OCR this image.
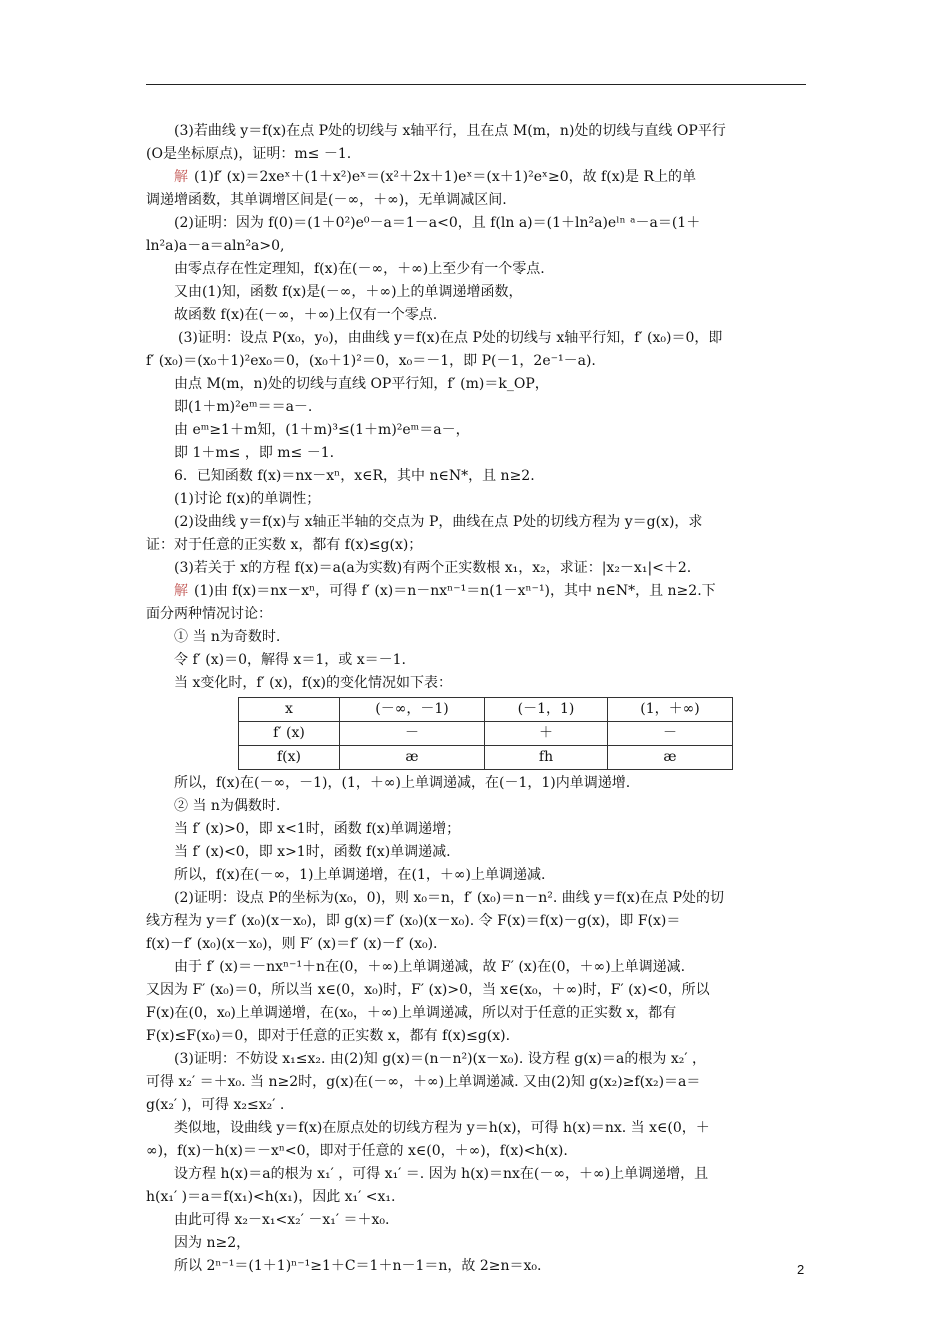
(3)若曲线 y＝f(x)在点 P处的切线与 x轴平行，且在点 M(m，n)处的切线与直线 OP平行
(O是坐标原点)，证明：m≤ －1.
解 (1)f′ (x)＝2xeˣ＋(1＋x²)eˣ＝(x²＋2x＋1)eˣ＝(x＋1)²eˣ≥0，故 f(x)是 R上的单
调递增函数，其单调增区间是(－∞，＋∞)，无单调减区间.
(2)证明：因为 f(0)＝(1＋0²)e⁰－a＝1－a<0，且 f(ln a)＝(1＋ln²a)eˡⁿ ᵃ－a＝(1＋
ln²a)a－a＝aln²a>0,
由零点存在性定理知，f(x)在(－∞，＋∞)上至少有一个零点.
又由(1)知，函数 f(x)是(－∞，＋∞)上的单调递增函数，
故函数 f(x)在(－∞，＋∞)上仅有一个零点.
(3)证明：设点 P(x₀，y₀)，由曲线 y＝f(x)在点 P处的切线与 x轴平行知，f′ (x₀)＝0，即
f′ (x₀)＝(x₀＋1)²ex₀＝0，(x₀＋1)²＝0，x₀＝－1，即 P(－1，2e⁻¹－a).
由点 M(m，n)处的切线与直线 OP平行知，f′ (m)＝k_OP，
即(1＋m)²eᵐ＝＝a－.
由 eᵐ≥1＋m知，(1＋m)³≤(1＋m)²eᵐ＝a－，
即 1＋m≤ ，即 m≤ －1.
6．已知函数 f(x)＝nx－xⁿ，x∈R，其中 n∈N*，且 n≥2.
(1)讨论 f(x)的单调性；
(2)设曲线 y＝f(x)与 x轴正半轴的交点为 P，曲线在点 P处的切线方程为 y＝g(x)，求
证：对于任意的正实数 x，都有 f(x)≤g(x)；
(3)若关于 x的方程 f(x)＝a(a为实数)有两个正实数根 x₁，x₂，求证：|x₂－x₁|<＋2.
解 (1)由 f(x)＝nx－xⁿ，可得 f′ (x)＝n－nxⁿ⁻¹＝n(1－xⁿ⁻¹)，其中 n∈N*，且 n≥2.下
面分两种情况讨论：
① 当 n为奇数时.
令 f′ (x)＝0，解得 x＝1，或 x＝－1.
当 x变化时，f′ (x)，f(x)的变化情况如下表：
x	(－∞，－1)	(－1，1)	(1，＋∞)
f′ (x)	－	＋	－
f(x)	æ	fh	æ
所以，f(x)在(－∞，－1)，(1，＋∞)上单调递减，在(－1，1)内单调递增.
② 当 n为偶数时.
当 f′ (x)>0，即 x<1时，函数 f(x)单调递增；
当 f′ (x)<0，即 x>1时，函数 f(x)单调递减.
所以，f(x)在(－∞，1)上单调递增，在(1，＋∞)上单调递减.
(2)证明：设点 P的坐标为(x₀，0)，则 x₀＝n，f′ (x₀)＝n－n². 曲线 y＝f(x)在点 P处的切
线方程为 y＝f′ (x₀)(x－x₀)，即 g(x)＝f′ (x₀)(x－x₀). 令 F(x)＝f(x)－g(x)，即 F(x)＝
f(x)－f′ (x₀)(x－x₀)，则 F′ (x)＝f′ (x)－f′ (x₀).
由于 f′ (x)＝－nxⁿ⁻¹＋n在(0，＋∞)上单调递减，故 F′ (x)在(0，＋∞)上单调递减.
又因为 F′ (x₀)＝0，所以当 x∈(0，x₀)时，F′ (x)>0，当 x∈(x₀，＋∞)时，F′ (x)<0，所以
F(x)在(0，x₀)上单调递增，在(x₀，＋∞)上单调递减，所以对于任意的正实数 x，都有
F(x)≤F(x₀)＝0，即对于任意的正实数 x，都有 f(x)≤g(x).
(3)证明：不妨设 x₁≤x₂. 由(2)知 g(x)＝(n－n²)(x－x₀). 设方程 g(x)＝a的根为 x₂′ ，
可得 x₂′ ＝＋x₀. 当 n≥2时，g(x)在(－∞，＋∞)上单调递减. 又由(2)知 g(x₂)≥f(x₂)＝a＝
g(x₂′ )，可得 x₂≤x₂′ .
类似地，设曲线 y＝f(x)在原点处的切线方程为 y＝h(x)，可得 h(x)＝nx. 当 x∈(0，＋
∞)，f(x)－h(x)＝－xⁿ<0，即对于任意的 x∈(0，＋∞)，f(x)<h(x).
设方程 h(x)＝a的根为 x₁′ ，可得 x₁′ ＝. 因为 h(x)＝nx在(－∞，＋∞)上单调递增，且
h(x₁′ )＝a＝f(x₁)<h(x₁)，因此 x₁′ <x₁.
由此可得 x₂－x₁<x₂′ －x₁′ ＝＋x₀.
因为 n≥2，
所以 2ⁿ⁻¹＝(1＋1)ⁿ⁻¹≥1＋C＝1＋n－1＝n，故 2≥n＝x₀.	2
